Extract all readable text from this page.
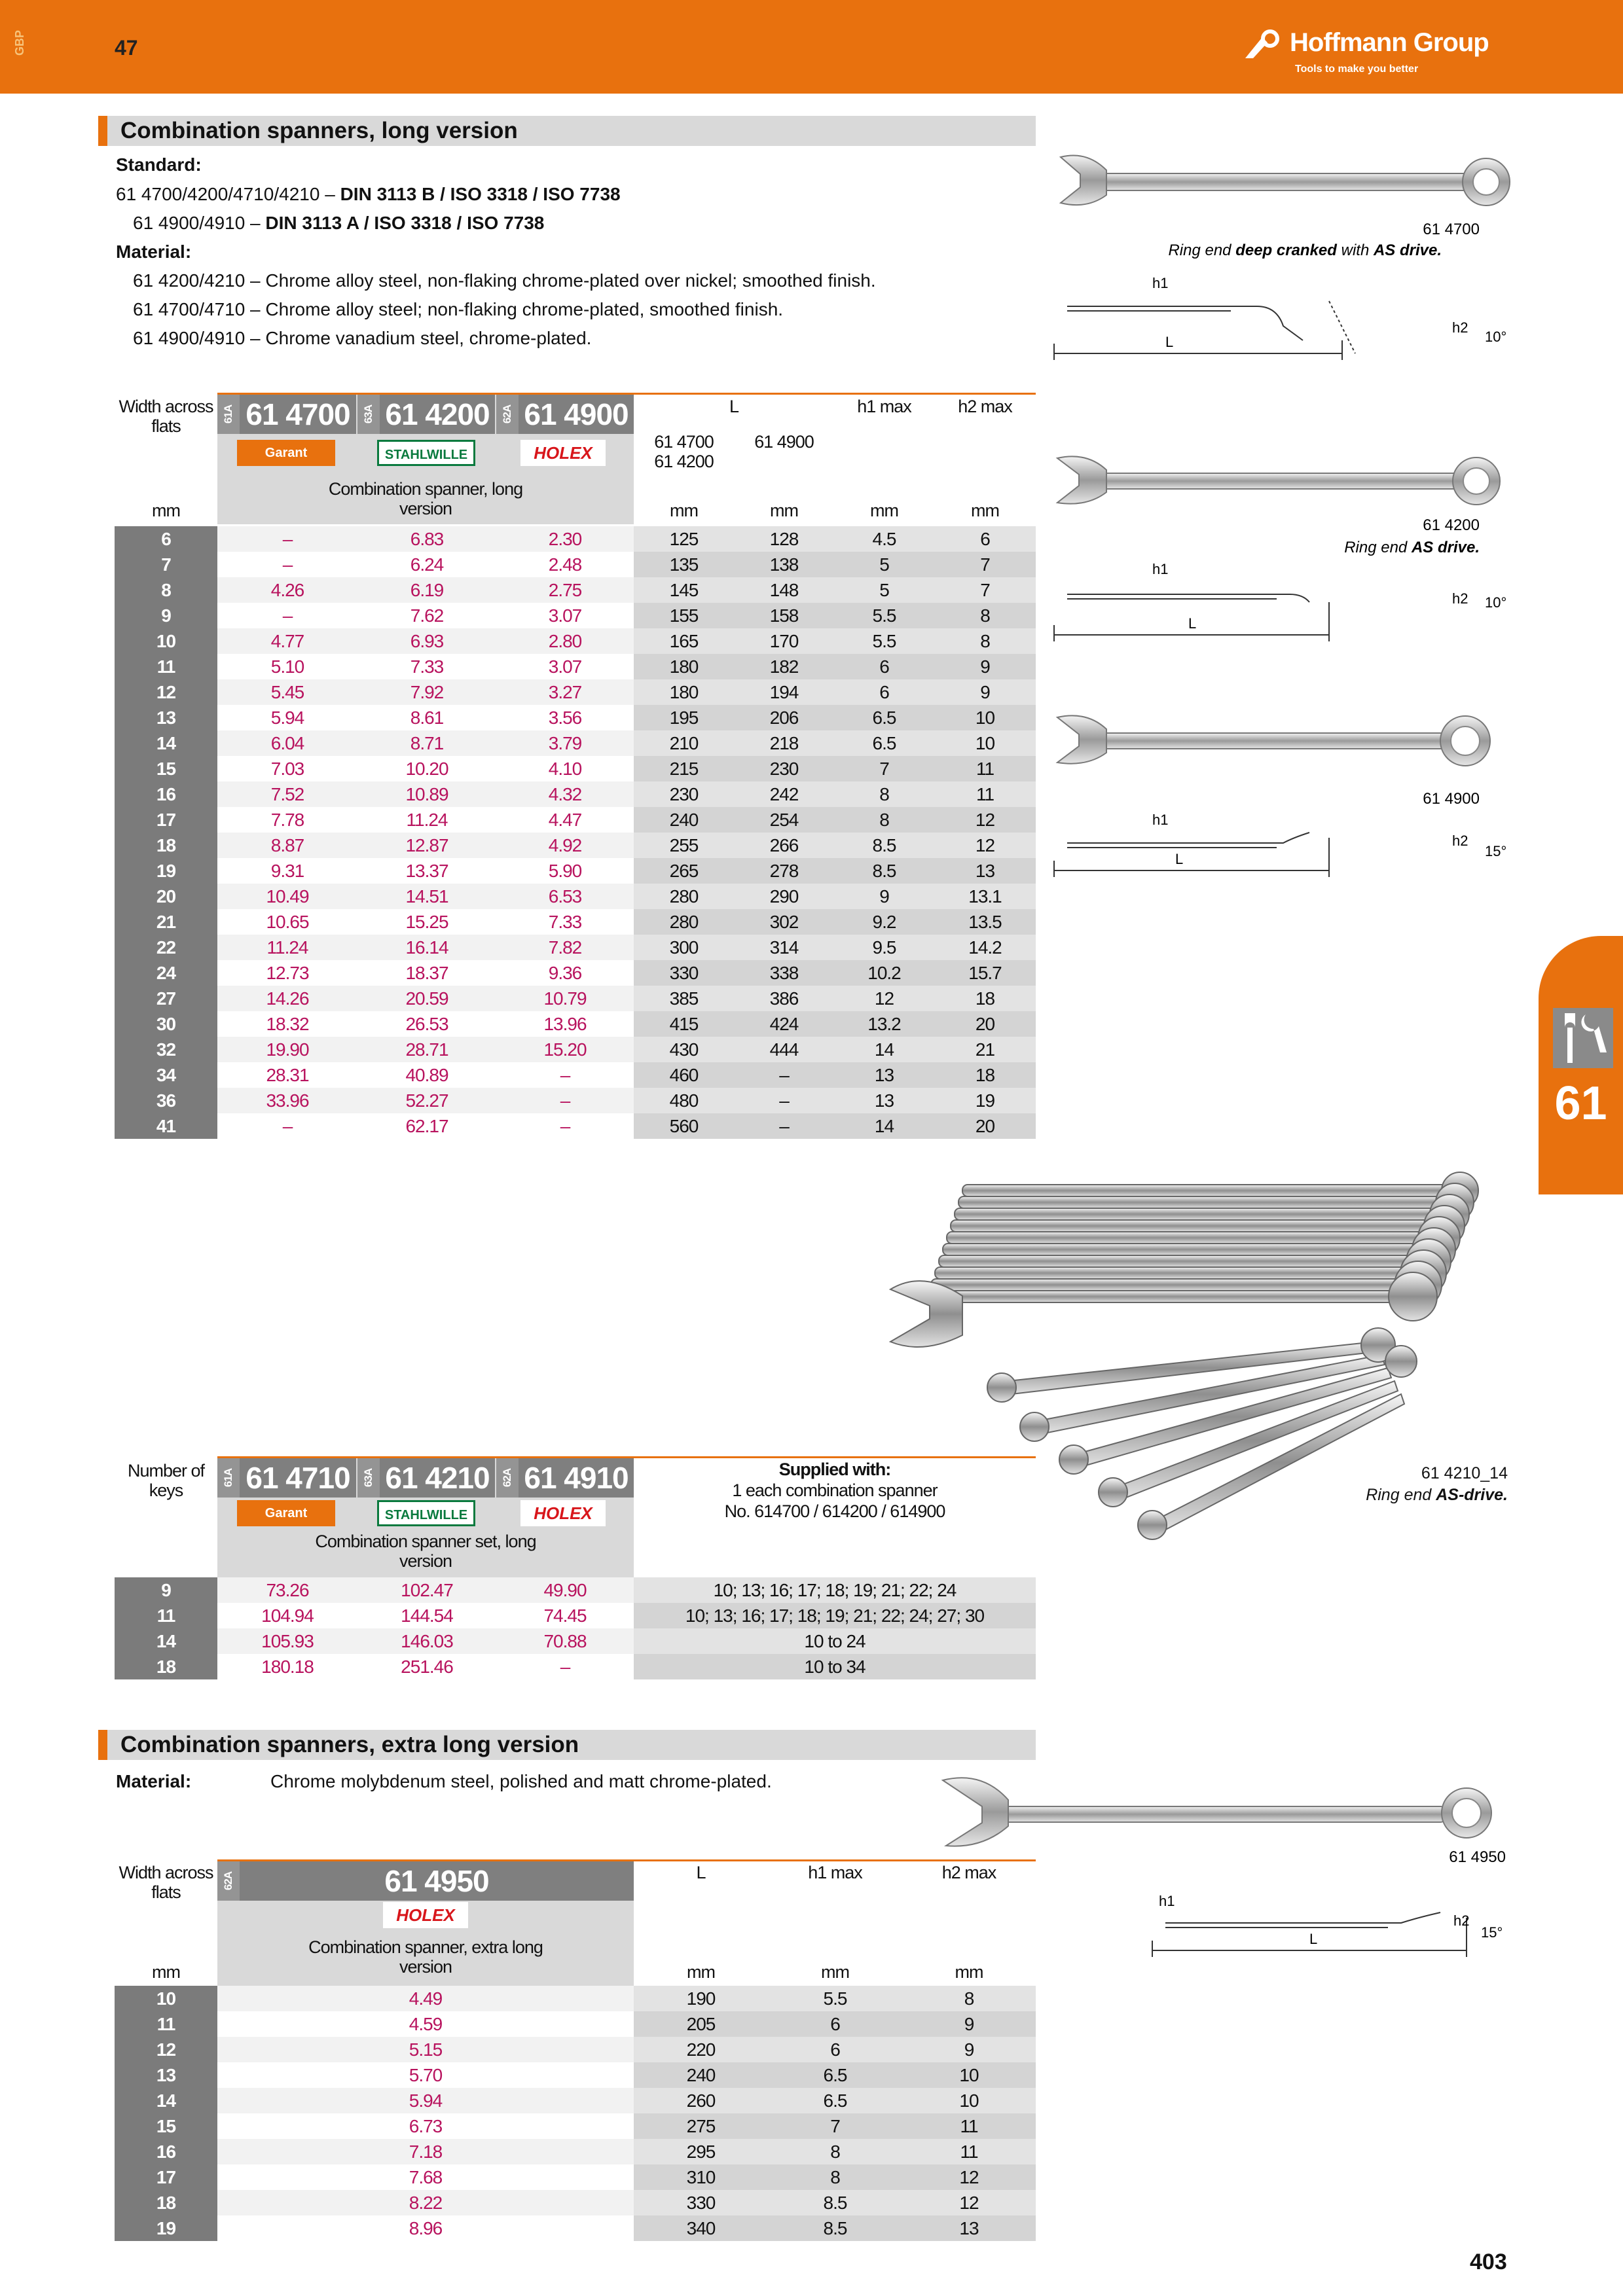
GBP	47	Hoffmann Group
Tools to make you better
61
Combination spanners, long version
Standard:
61 4700/4200/4710/4210 – DIN 3113 B / ISO 3318 / ISO 7738
61 4900/4910 – DIN 3113 A / ISO 3318 / ISO 7738
Material:
61 4200/4210 – Chrome alloy steel, non-flaking chrome-plated over nickel; smoothed finish.
61 4700/4710 – Chrome alloy steel; non-flaking chrome-plated, smoothed finish.
61 4900/4910 – Chrome vanadium steel, chrome-plated.
Width across flats
61A 61 4700	63A 61 4200	62A 61 4900
Garant	STAHLWILLE	HOLEX
Combination spanner, long version
mm
L
61 4700
61 4200
61 4900
h1 max	h2 max
mm	mm	mm	mm
6	–	6.83	2.30	125	128	4.5	6
7	–	6.24	2.48	135	138	5	7
8	4.26	6.19	2.75	145	148	5	7
9	–	7.62	3.07	155	158	5.5	8
10	4.77	6.93	2.80	165	170	5.5	8
11	5.10	7.33	3.07	180	182	6	9
12	5.45	7.92	3.27	180	194	6	9
13	5.94	8.61	3.56	195	206	6.5	10
14	6.04	8.71	3.79	210	218	6.5	10
15	7.03	10.20	4.10	215	230	7	11
16	7.52	10.89	4.32	230	242	8	11
17	7.78	11.24	4.47	240	254	8	12
18	8.87	12.87	4.92	255	266	8.5	12
19	9.31	13.37	5.90	265	278	8.5	13
20	10.49	14.51	6.53	280	290	9	13.1
21	10.65	15.25	7.33	280	302	9.2	13.5
22	11.24	16.14	7.82	300	314	9.5	14.2
24	12.73	18.37	9.36	330	338	10.2	15.7
27	14.26	20.59	10.79	385	386	12	18
30	18.32	26.53	13.96	415	424	13.2	20
32	19.90	28.71	15.20	430	444	14	21
34	28.31	40.89	–	460	–	13	18
36	33.96	52.27	–	480	–	13	19
41	–	62.17	–	560	–	14	20
61 4700
Ring end deep cranked with AS drive.
L
h1
h2
10°
61 4200
Ring end AS drive.
L
h1
h2 10°
61 4900
L
h1
h2
15°
Number of keys
61A 61 4710	63A 61 4210	62A 61 4910
Garant	STAHLWILLE	HOLEX
Combination spanner set, long version
Supplied with:
1 each combination spanner
No. 614700 / 614200 / 614900
9	73.26	102.47	49.90	10; 13; 16; 17; 18; 19; 21; 22; 24
11	104.94	144.54	74.45	10; 13; 16; 17; 18; 19; 21; 22; 24; 27; 30
14	105.93	146.03	70.88	10 to 24
18	180.18	251.46	–	10 to 34
61 4210_14
Ring end AS-drive.
Combination spanners, extra long version
Material:	Chrome molybdenum steel, polished and matt chrome-plated.
61 4950
L
h1
h2
15°
Width across flats
62A	61 4950
HOLEX
Combination spanner, extra long version
mm
L	h1 max	h2 max
mm	mm	mm
10	4.49	190	5.5	8
11	4.59	205	6	9
12	5.15	220	6	9
13	5.70	240	6.5	10
14	5.94	260	6.5	10
15	6.73	275	7	11
16	7.18	295	8	11
17	7.68	310	8	12
18	8.22	330	8.5	12
19	8.96	340	8.5	13
403
